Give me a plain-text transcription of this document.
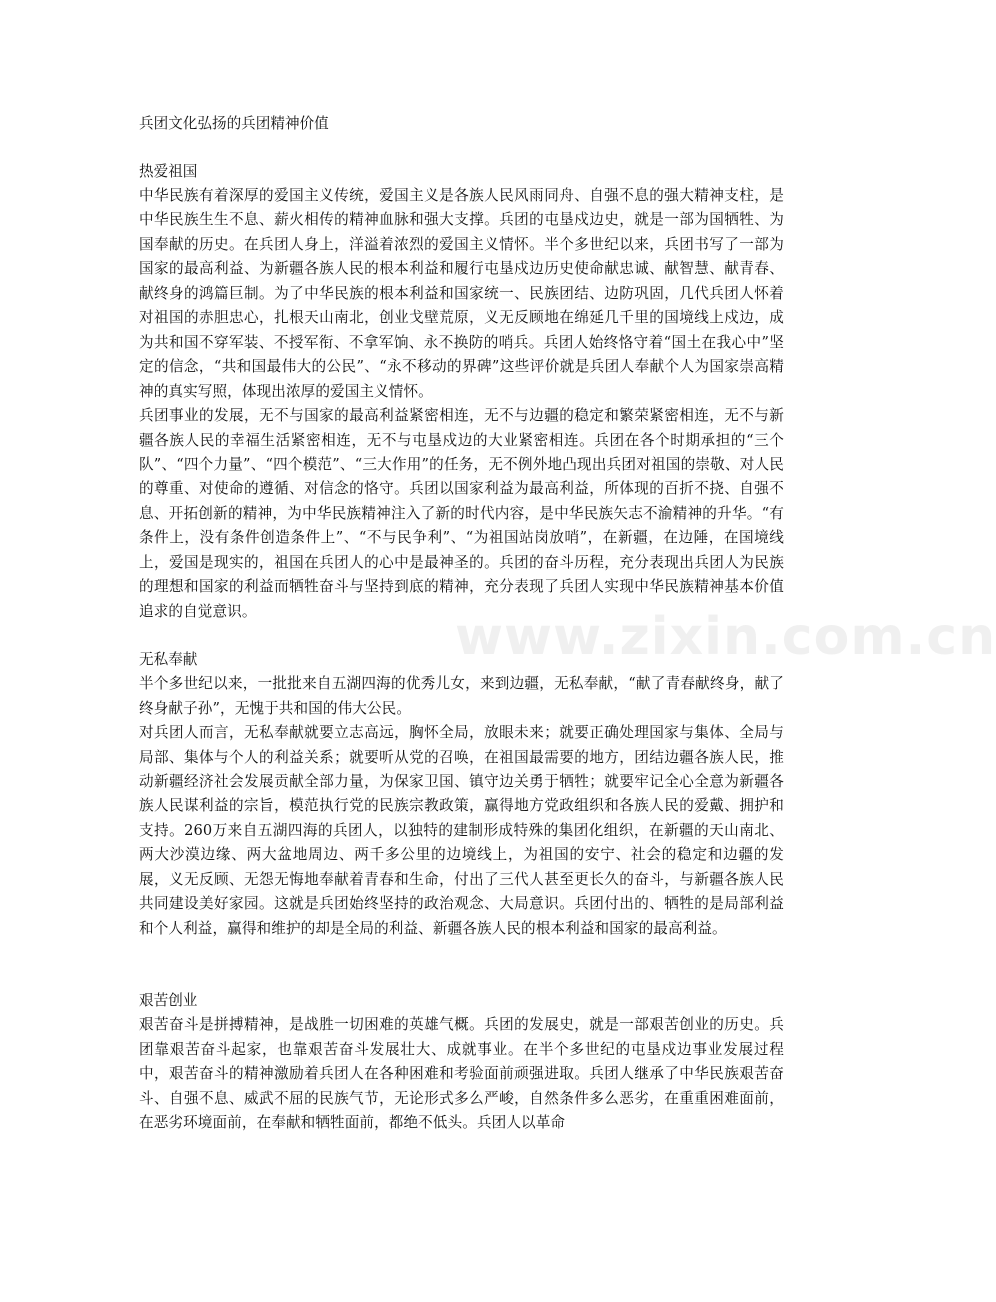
www.zixin.com.cn
兵团文化弘扬的兵团精神价值
热爱祖国

中华民族有着深厚的爱国主义传统，爱国主义是各族人民风雨同舟、自强不息的强大精神支柱，是中华民族生生不息、薪火相传的精神血脉和强大支撑。兵团的屯垦戍边史，就是一部为国牺牲、为国奉献的历史。在兵团人身上，洋溢着浓烈的爱国主义情怀。半个多世纪以来，兵团书写了一部为国家的最高利益、为新疆各族人民的根本利益和履行屯垦戍边历史使命献忠诚、献智慧、献青春、献终身的鸿篇巨制。为了中华民族的根本利益和国家统一、民族团结、边防巩固，几代兵团人怀着对祖国的赤胆忠心，扎根天山南北，创业戈壁荒原，义无反顾地在绵延几千里的国境线上戍边，成为共和国不穿军装、不授军衔、不拿军饷、永不换防的哨兵。兵团人始终恪守着“国土在我心中”坚定的信念，“共和国最伟大的公民”、“永不移动的界碑”这些评价就是兵团人奉献个人为国家崇高精神的真实写照，体现出浓厚的爱国主义情怀。

兵团事业的发展，无不与国家的最高利益紧密相连，无不与边疆的稳定和繁荣紧密相连，无不与新疆各族人民的幸福生活紧密相连，无不与屯垦戍边的大业紧密相连。兵团在各个时期承担的“三个队”、“四个力量”、“四个模范”、“三大作用”的任务，无不例外地凸现出兵团对祖国的崇敬、对人民的尊重、对使命的遵循、对信念的恪守。兵团以国家利益为最高利益，所体现的百折不挠、自强不息、开拓创新的精神，为中华民族精神注入了新的时代内容，是中华民族矢志不渝精神的升华。“有条件上，没有条件创造条件上”、“不与民争利”、“为祖国站岗放哨”，在新疆，在边陲，在国境线上，爱国是现实的，祖国在兵团人的心中是最神圣的。兵团的奋斗历程，充分表现出兵团人为民族的理想和国家的利益而牺牲奋斗与坚持到底的精神，充分表现了兵团人实现中华民族精神基本价值追求的自觉意识。

无私奉献

半个多世纪以来，一批批来自五湖四海的优秀儿女，来到边疆，无私奉献，“献了青春献终身，献了终身献子孙”，无愧于共和国的伟大公民。

对兵团人而言，无私奉献就要立志高远，胸怀全局，放眼未来；就要正确处理国家与集体、全局与局部、集体与个人的利益关系；就要听从党的召唤，在祖国最需要的地方，团结边疆各族人民，推动新疆经济社会发展贡献全部力量，为保家卫国、镇守边关勇于牺牲；就要牢记全心全意为新疆各族人民谋利益的宗旨，模范执行党的民族宗教政策，赢得地方党政组织和各族人民的爱戴、拥护和支持。260万来自五湖四海的兵团人，以独特的建制形成特殊的集团化组织，在新疆的天山南北、两大沙漠边缘、两大盆地周边、两千多公里的边境线上，为祖国的安宁、社会的稳定和边疆的发展，义无反顾、无怨无悔地奉献着青春和生命，付出了三代人甚至更长久的奋斗，与新疆各族人民共同建设美好家园。这就是兵团始终坚持的政治观念、大局意识。兵团付出的、牺牲的是局部利益和个人利益，赢得和维护的却是全局的利益、新疆各族人民的根本利益和国家的最高利益。

艰苦创业

艰苦奋斗是拼搏精神，是战胜一切困难的英雄气概。兵团的发展史，就是一部艰苦创业的历史。兵团靠艰苦奋斗起家，也靠艰苦奋斗发展壮大、成就事业。在半个多世纪的屯垦戍边事业发展过程中，艰苦奋斗的精神激励着兵团人在各种困难和考验面前顽强进取。兵团人继承了中华民族艰苦奋斗、自强不息、威武不屈的民族气节，无论形式多么严峻，自然条件多么恶劣，在重重困难面前，在恶劣环境面前，在奉献和牺牲面前，都绝不低头。兵团人以革命
